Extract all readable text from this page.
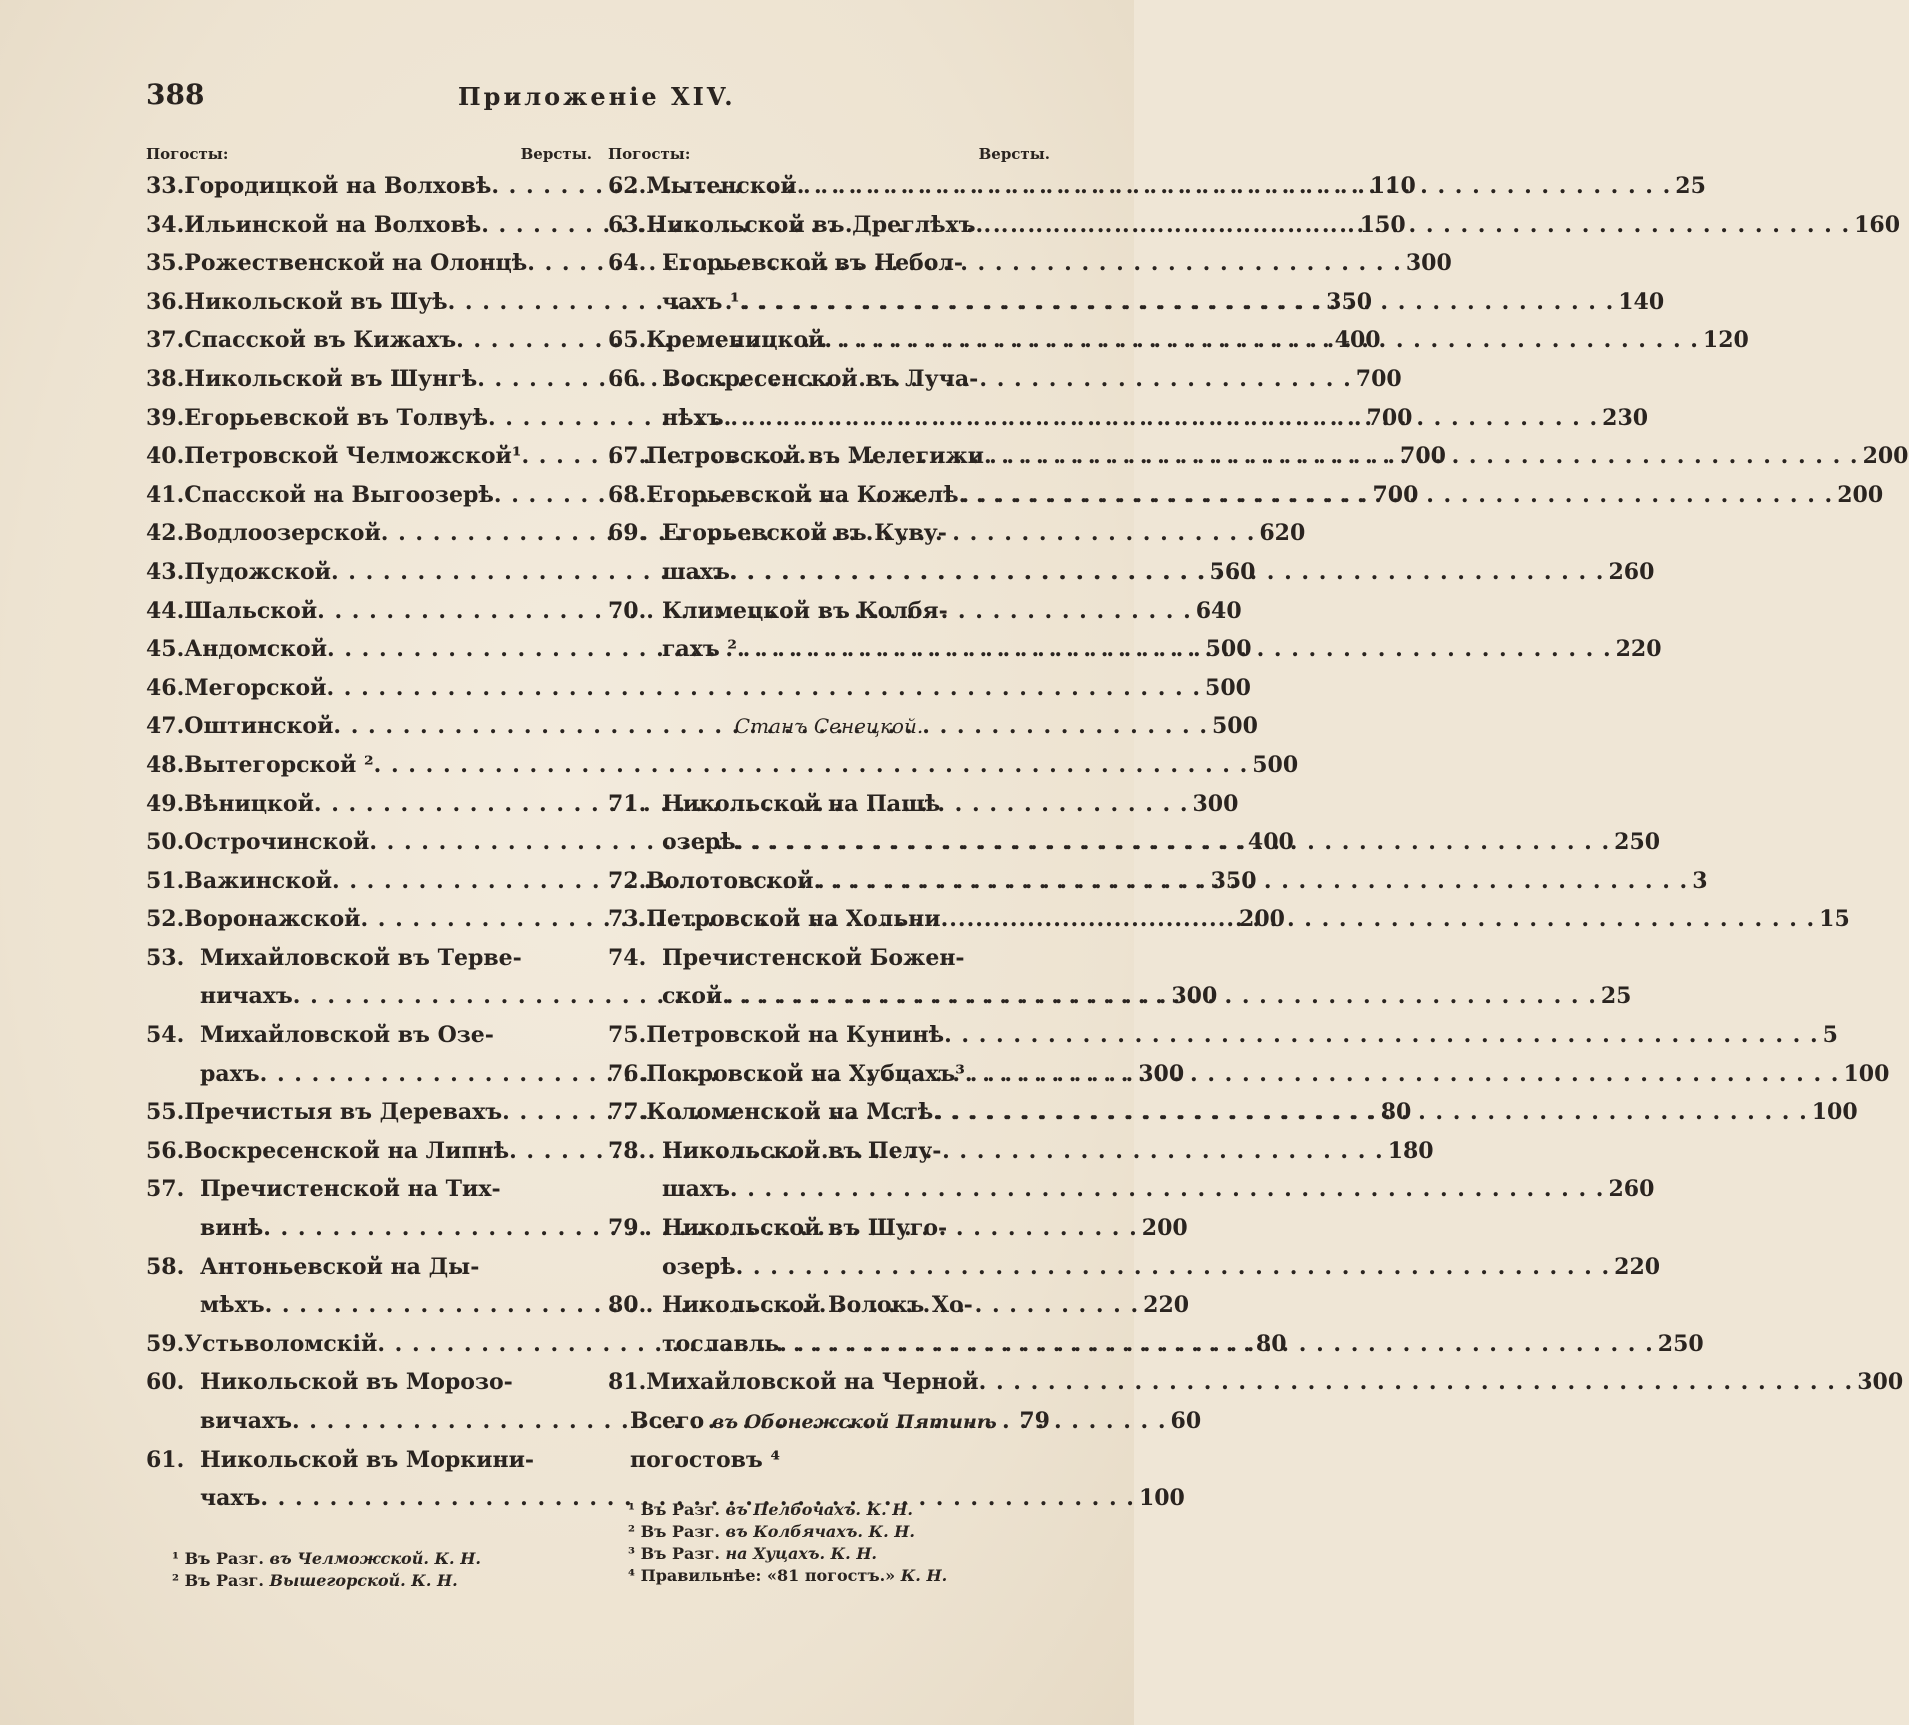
388	Приложенiе XIV.
Погосты:	Версты.
33. Городицкой на Волховѣ . . .	110
34. Ильинской на Волховѣ . . .	150
35. Рожественской на Олонцѣ . . .	300
36. Никольской въ Шуѣ . . .	350
37. Спасской въ Кижахъ . . .	400
38. Никольской въ Шунгѣ . . .	700
39. Егорьевской въ Толвуѣ . . .	700
40. Петровской Челможской¹ . . .	700
41. Спасской на Выгоозерѣ . . .	700
42. Водлоозерской . . .	620
43. Пудожской . . .	560
44. Шальской . . .	640
45. Андомской . . .	500
46. Мегорской . . .	500
47. Оштинской . . .	500
48. Вытегорской ² . . .	500
49. Вѣницкой . . .	300
50. Острочинской . . .	400
51. Важинской . . .	350
52. Воронажской . . .	200
53. Михайловской въ Терве-
ничахъ . . .	300
54. Михайловской въ Озе-
рахъ . . .	300
55. Пречистыя въ Деревахъ . . .	80
56. Воскресенской на Липнѣ . . .	180
57. Пречистенской на Тих-
винѣ . . .	200
58. Антоньевской на Ды-
мѣхъ . . .	220
59. Устьволомскiй . . .	80
60. Никольской въ Морозо-
вичахъ . . .	60
61. Никольской въ Моркини-
чахъ . . .	100
Погосты:	Версты.
62. Мытенской . . .	25
63. Никольской въ Дреглѣхъ . . .	160
64. Егорьевской въ Небол-
чахъ ¹ . . .	140
65. Кременицкой . . .	120
66. Воскресенской въ Луча-
нѣхъ . . .	230
67. Петровской въ Мелегижи . . .	200
68. Егорьевской на Кожелѣ . . .	200
69. Егорьевской въ Куву-
шахъ . . .	260
70. Климецкой въ Колбя-
гахъ ² . . .	220
Станъ Сенецкой.
71. Никольской на Пашѣ
озерѣ . . .	250
72. Волотовской . . .	3
73. Петровской на Хольни . . .	15
74. Пречистенской Божен-
ской . . .	25
75. Петровской на Кунинѣ . . .	5
76. Покровской на Хубцахъ³ . . .	100
77. Коломенской на Мстѣ . . .	100
78. Никольской въ Пелу-
шахъ . . .	260
79. Никольской въ Шуго-
озерѣ . . .	220
80. Никольской Волокъ Хо-
тославль . . .	250
81. Михайловской на Черной . . .	300
Всего въ Обонежской Пятинѣ	79
погостовъ ⁴
¹ Въ Разг. въ Челможской. К. Н.
² Въ Разг. Вышегорской. К. Н.
¹ Въ Разг. въ Пелбочахъ. К. Н.
² Въ Разг. въ Колбячахъ. К. Н.
³ Въ Разг. на Хуцахъ. К. Н.
⁴ Правильнѣе: «81 погостъ.» К. Н.
